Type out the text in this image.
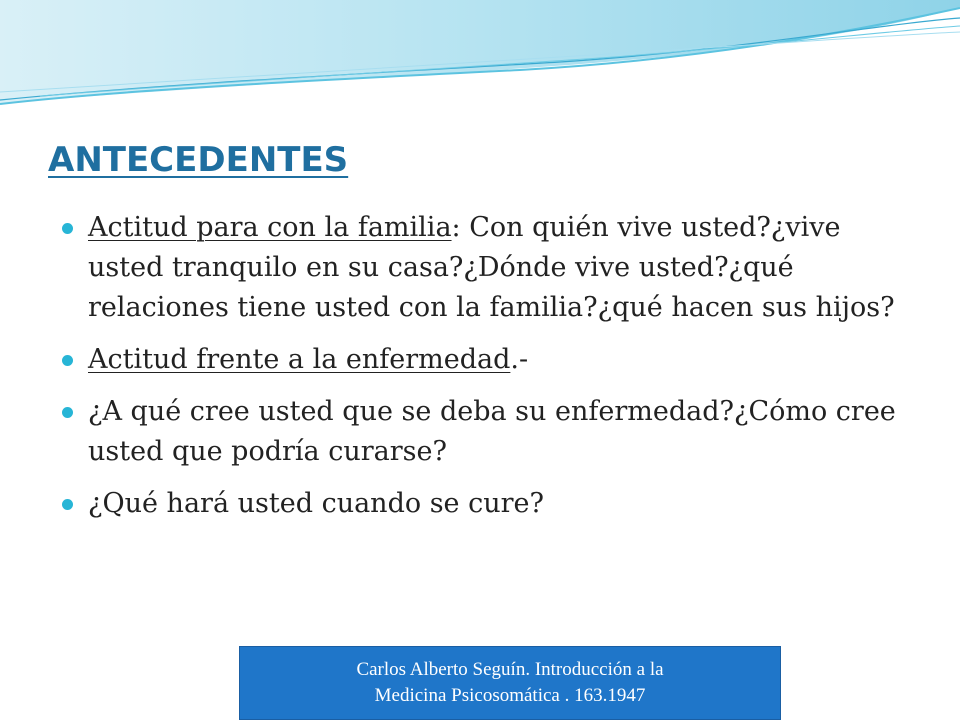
ANTECEDENTES
Actitud para con la familia: Con quién vive usted?¿vive usted tranquilo en su casa?¿Dónde vive usted?¿qué relaciones tiene usted con la familia?¿qué hacen sus hijos?
Actitud frente a la enfermedad.-
¿A qué cree usted que se deba su enfermedad?¿Cómo cree usted que podría curarse?
¿Qué hará usted cuando se cure?
Carlos Alberto Seguín. Introducción a la
Medicina Psicosomática . 163.1947
